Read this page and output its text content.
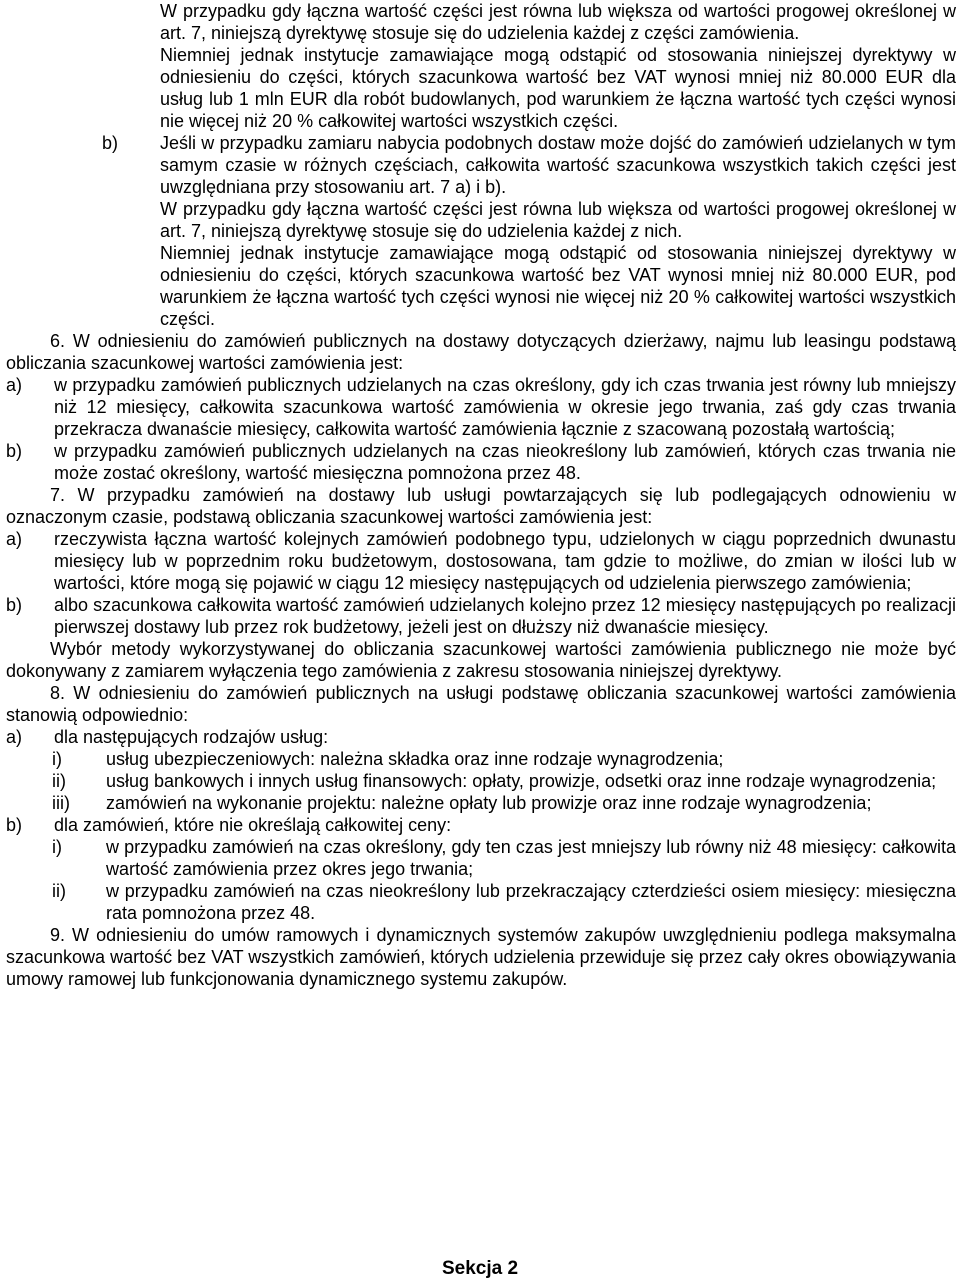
W przypadku gdy łączna wartość części jest równa lub większa od wartości progowej określonej w art. 7, niniejszą dyrektywę stosuje się do udzielenia każdej z części zamówienia.

Niemniej jednak instytucje zamawiające mogą odstąpić od stosowania niniejszej dyrektywy w odniesieniu do części, których szacunkowa wartość bez VAT wynosi mniej niż 80.000 EUR dla usług lub 1 mln EUR dla robót budowlanych, pod warunkiem że łączna wartość tych części wynosi nie więcej niż 20 % całkowitej wartości wszystkich części.

b)	Jeśli w przypadku zamiaru nabycia podobnych dostaw może dojść do zamówień udzielanych w tym samym czasie w różnych częściach, całkowita wartość szacunkowa wszystkich takich części jest uwzględniana przy stosowaniu art. 7 a) i b).

W przypadku gdy łączna wartość części jest równa lub większa od wartości progowej określonej w art. 7, niniejszą dyrektywę stosuje się do udzielenia każdej z nich.

Niemniej jednak instytucje zamawiające mogą odstąpić od stosowania niniejszej dyrektywy w odniesieniu do części, których szacunkowa wartość bez VAT wynosi mniej niż 80.000 EUR, pod warunkiem że łączna wartość tych części wynosi nie więcej niż 20 % całkowitej wartości wszystkich części.

6. W odniesieniu do zamówień publicznych na dostawy dotyczących dzierżawy, najmu lub leasingu podstawą obliczania szacunkowej wartości zamówienia jest:

a)	w przypadku zamówień publicznych udzielanych na czas określony, gdy ich czas trwania jest równy lub mniejszy niż 12 miesięcy, całkowita szacunkowa wartość zamówienia w okresie jego trwania, zaś gdy czas trwania przekracza dwanaście miesięcy, całkowita wartość zamówienia łącznie z szacowaną pozostałą wartością;

b)	w przypadku zamówień publicznych udzielanych na czas nieokreślony lub zamówień, których czas trwania nie może zostać określony, wartość miesięczna pomnożona przez 48.

7. W przypadku zamówień na dostawy lub usługi powtarzających się lub podlegających odnowieniu w oznaczonym czasie, podstawą obliczania szacunkowej wartości zamówienia jest:

a)	rzeczywista łączna wartość kolejnych zamówień podobnego typu, udzielonych w ciągu poprzednich dwunastu miesięcy lub w poprzednim roku budżetowym, dostosowana, tam gdzie to możliwe, do zmian w ilości lub w wartości, które mogą się pojawić w ciągu 12 miesięcy następujących od udzielenia pierwszego zamówienia;

b)	albo szacunkowa całkowita wartość zamówień udzielanych kolejno przez 12 miesięcy następujących po realizacji pierwszej dostawy lub przez rok budżetowy, jeżeli jest on dłuższy niż dwanaście miesięcy.

Wybór metody wykorzystywanej do obliczania szacunkowej wartości zamówienia publicznego nie może być dokonywany z zamiarem wyłączenia tego zamówienia z zakresu stosowania niniejszej dyrektywy.

8. W odniesieniu do zamówień publicznych na usługi podstawę obliczania szacunkowej wartości zamówienia stanowią odpowiednio:

a)	dla następujących rodzajów usług:

i)	usług ubezpieczeniowych: należna składka oraz inne rodzaje wynagrodzenia;

ii)	usług bankowych i innych usług finansowych: opłaty, prowizje, odsetki oraz inne rodzaje wynagrodzenia;

iii)	zamówień na wykonanie projektu: należne opłaty lub prowizje oraz inne rodzaje wynagrodzenia;

b)	dla zamówień, które nie określają całkowitej ceny:

i)	w przypadku zamówień na czas określony, gdy ten czas jest mniejszy lub równy niż 48 miesięcy: całkowita wartość zamówienia przez okres jego trwania;

ii)	w przypadku zamówień na czas nieokreślony lub przekraczający czterdzieści osiem miesięcy: miesięczna rata pomnożona przez 48.

9. W odniesieniu do umów ramowych i dynamicznych systemów zakupów uwzględnieniu podlega maksymalna szacunkowa wartość bez VAT wszystkich zamówień, których udzielenia przewiduje się przez cały okres obowiązywania umowy ramowej lub funkcjonowania dynamicznego systemu zakupów.

Sekcja 2
